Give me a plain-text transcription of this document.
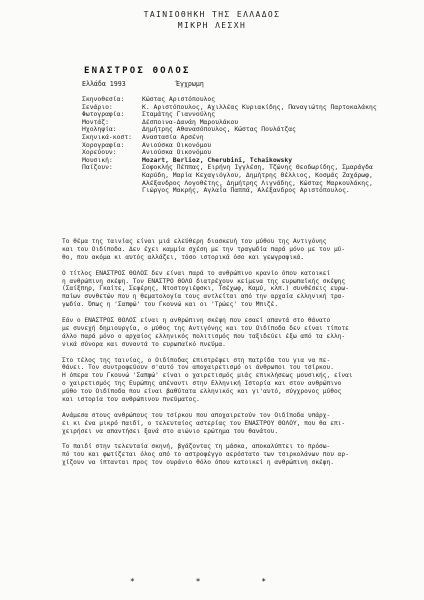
ΤΑΙΝΙΟΘΗΚΗ ΤΗΣ ΕΛΛΑΔΟΣ
ΜΙΚΡΗ ΛΕΣΧΗ
ΕΝΑΣΤΡΟΣ ΘΟΛΟΣ
Ελλάδα 1993	Έγχρωμη
Σκηνοθεσία:	Κώστας Αριστόπουλος
Σενάριο:	Κ. Αριστόπουλος, Αχιλλέας Κυριακίδης, Παναγιώτης Παρτοκαλάκης
Φωτογραφία:	Σταμάτης Γιαννούλης
Μοντάζ:	Δέσποινα-Δανάη Μαρουλάκου
Ηχοληψία:	Δημήτρης Αθανασόπουλος, Κώστας Πουλάτζας
Σκηνικά-κοστ:	Αναστασία Αρσένη
Χορογραφία:	Ανιούσκα Οικονόμου
Χορεύουν:	Ανιούσκα Οικονόμου
Μουσική:	Mozart, Berlioz, Cherubini, Tchaikowsky
Παίζουν:	Σοφοκλής Πέππας, Ειρήνη Ιγγλέση, Τζώνης Θεοδωρίδης, Σμαράγδα
Καρύδη, Μαρία Κεχαγιόγλου, Δημήτρης Θέλλιος, Κοσμάς Ζαχάρωφ,
Αλέξανδρος Λογοθέτης, Δημήτρης Λιγνάδης, Κώστας Μαρκουλάκης,
Γιώργος Μακρής, Αγλαΐα Παππά, Αλέξανδρος Αριστόπουλος.

Το θέμα της ταινίας είναι μιά ελεύθερη διασκευή του μύθου της Αντιγόνης
και του Οιδίποδα. Δεν έχει καμμία σχέση με την τραγωδία παρά μόνο με τον μύ-
θο, που ακόμα κι αυτός αλλάζει, τόσο ιστορικά όσο και γεωγραφικά.

Ο τίτλος ΕΝΑΣΤΡΟΣ ΘΟΛΟΣ δεν είναι παρά το ανθρώπινο κρανίο όπου κατοικεί
η ανθρώπινη σκέψη. Τον ΕΝΑΣΤΡΟ ΘΟΛΟ διατρέχουν κείμενα της ευρωπαϊκής σκέψης
(Σαίξπηρ, Γκαίτε, Σεφέρης, Ντοστογιέφσκι, Τσέχωφ, Καμύ, κλπ.) συνθέσεις ευρω-
παίων συνθετών που η θεματολογία τους αντλείται από την αρχαία ελληνική τρα-
γωδία. Όπως η 'Σαπφώ' του Γκουνώ και οι 'Τρώες' του Μπιζέ.

Εάν ο ΕΝΑΣΤΡΟΣ ΘΟΛΟΣ είναι η ανθρώπινη σκέψη που εσαεί απαντά στο θάνατο
με συνεχή δημιουργία, ο μύθος της Αντιγόνης και του Οιδίποδα δεν είναι τίποτε
άλλο παρά μόνο ο αρχαίος ελληνικός πολιτισμός που ταξιδεύει έξω από τα ελλη-
νικά σύνορα και συναντά το ευρωπαϊκό πνεύμα.

Στο τέλος της ταινίας, ο Οιδίποδας επιστρέφει στη πατρίδα του για να πε-
θάνει. Τον συντροφεύουν σ'αυτό τον αποχαιρετισμό οι άνθρωποι του τσίρκου.
Η όπερα του Γκουνώ 'Σαπφώ' είναι ο χαιρετισμός μιάς επικλήσεως μουσικής, είναι
ο χαιρετισμός της Ευρώπης απέναντι στην Ελληνική Ιστορία και στον ανθρώπινο
μύθο του Οιδίποδα που είναι βαθύτατα ελληνικός και γι'αυτό, σύγχρονος μύθος
και ιστορία του ανθρώπινου πνεύματος.

Ανάμεσα στους ανθρώπους του τσίρκου που αποχαιρετούν τον Οιδίποδα υπάρχ-
ει κι ένα μικρό παιδί, ο τελευταίος αστερίας του ΕΝΑΣΤΡΟΥ ΘΟΛΟΥ, που θα επι-
χειρήσει να απαντήσει ξανά στο αιώνιο ερώτημα του θανάτου.

Το παιδί στην τελευταία σκηνή, βγάζοντας τη μάσκα, αποκαλύπτει το πρόσω-
πό του και φωτίζεται όλος από το αστροφέγγο αερόστατο των τσιρκολάνων που αρ-
χίζουν να ίπτανται προς τον ουράνιο θόλο όπου κατοικεί η ανθρώπινη σκέψη.

* * *
